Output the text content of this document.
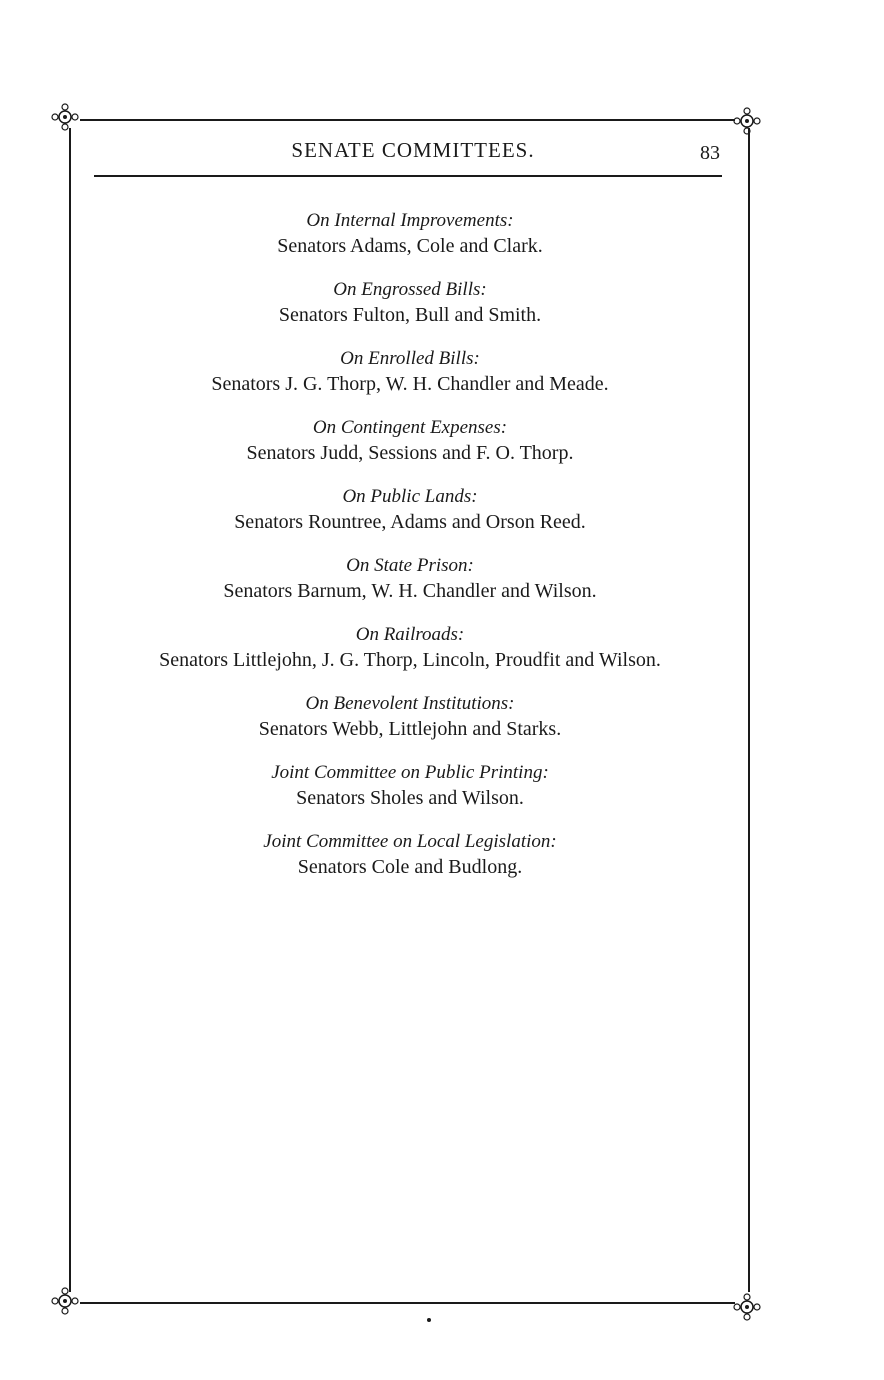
SENATE COMMITTEES.	83
On Internal Improvements:
Senators Adams, Cole and Clark.
On Engrossed Bills:
Senators Fulton, Bull and Smith.
On Enrolled Bills:
Senators J. G. Thorp, W. H. Chandler and Meade.
On Contingent Expenses:
Senators Judd, Sessions and F. O. Thorp.
On Public Lands:
Senators Rountree, Adams and Orson Reed.
On State Prison:
Senators Barnum, W. H. Chandler and Wilson.
On Railroads:
Senators Littlejohn, J. G. Thorp, Lincoln, Proudfit and Wilson.
On Benevolent Institutions:
Senators Webb, Littlejohn and Starks.
Joint Committee on Public Printing:
Senators Sholes and Wilson.
Joint Committee on Local Legislation:
Senators Cole and Budlong.
